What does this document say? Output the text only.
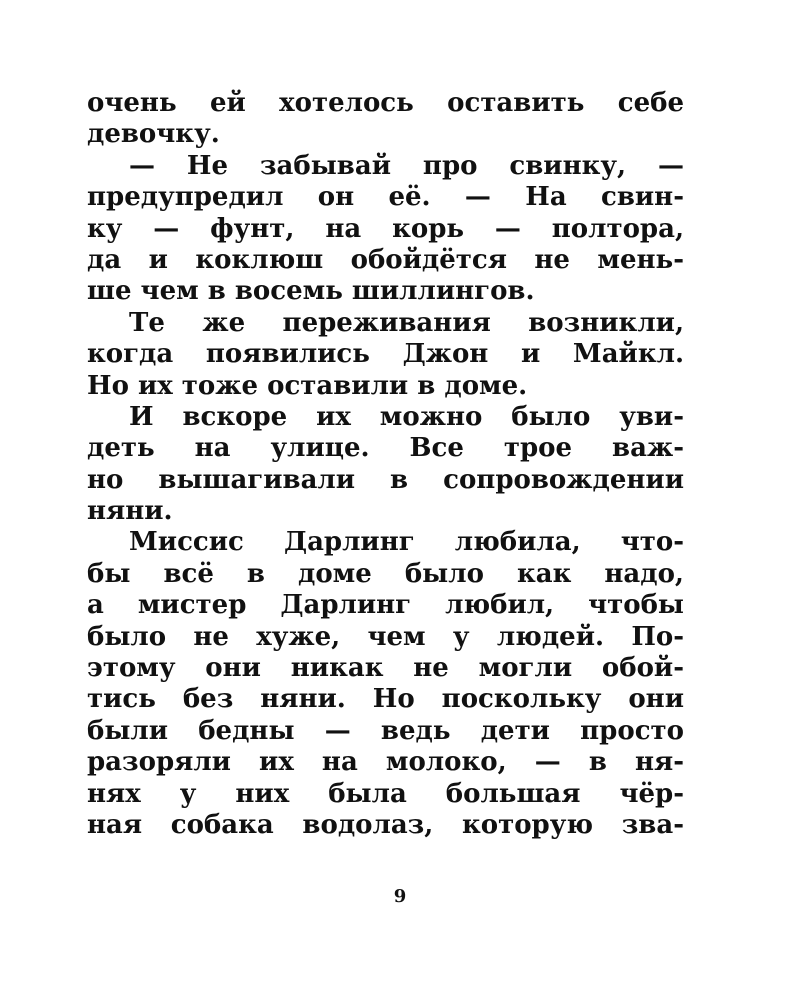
очень ей хотелось оставить себе
девочку.
— Не забывай про свинку, —
предупредил он её. — На свин-
ку — фунт, на корь — полтора,
да и коклюш обойдётся не мень-
ше чем в восемь шиллингов.
Те же переживания возникли,
когда появились Джон и Майкл.
Но их тоже оставили в доме.
И вскоре их можно было уви-
деть на улице. Все трое важ-
но вышагивали в сопровождении
няни.
Миссис Дарлинг любила, что-
бы всё в доме было как надо,
а мистер Дарлинг любил, чтобы
было не хуже, чем у людей. По-
этому они никак не могли обой-
тись без няни. Но поскольку они
были бедны — ведь дети просто
разоряли их на молоко, — в ня-
нях у них была большая чёр-
ная собака водолаз, которую зва-
9
